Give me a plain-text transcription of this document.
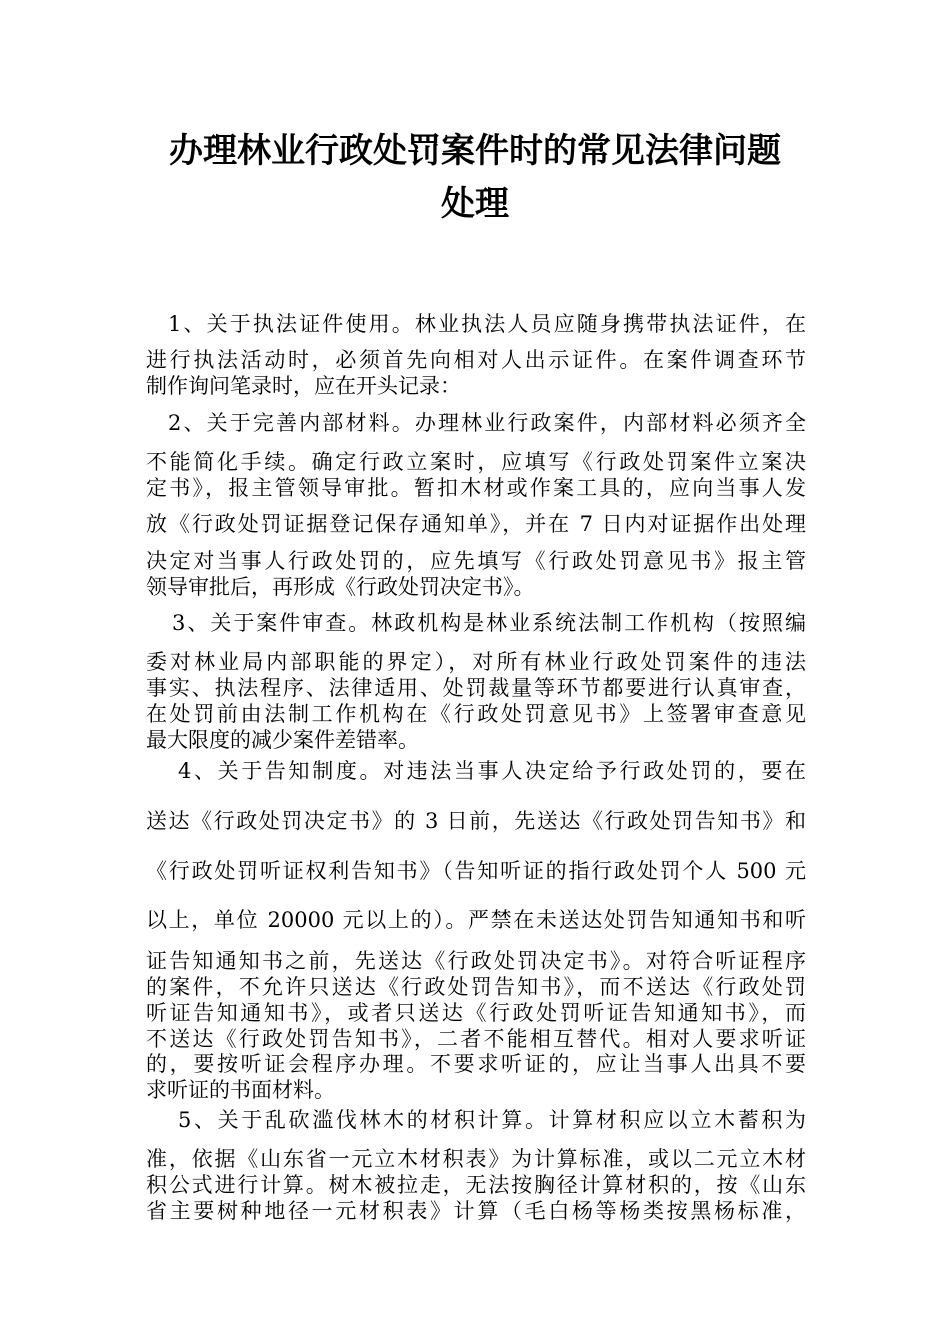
办理林业行政处罚案件时的常见法律问题
处理

1、关于执法证件使用。林业执法人员应随身携带执法证件，在

进行执法活动时，必须首先向相对人出示证件。在案件调查环节

制作询问笔录时，应在开头记录：

2、关于完善内部材料。办理林业行政案件，内部材料必须齐全

不能简化手续。确定行政立案时，应填写《行政处罚案件立案决

定书》，报主管领导审批。暂扣木材或作案工具的，应向当事人发

放《行政处罚证据登记保存通知单》，并在 7 日内对证据作出处理

决定对当事人行政处罚的，应先填写《行政处罚意见书》报主管

领导审批后，再形成《行政处罚决定书》。

3、关于案件审查。林政机构是林业系统法制工作机构（按照编

委对林业局内部职能的界定），对所有林业行政处罚案件的违法

事实、执法程序、法律适用、处罚裁量等环节都要进行认真审查，

在处罚前由法制工作机构在《行政处罚意见书》上签署审查意见

最大限度的减少案件差错率。

4、关于告知制度。对违法当事人决定给予行政处罚的，要在

送达《行政处罚决定书》的 3 日前，先送达《行政处罚告知书》和

《行政处罚听证权利告知书》（告知听证的指行政处罚个人 500 元

以上，单位 20000 元以上的）。严禁在未送达处罚告知通知书和听

证告知通知书之前，先送达《行政处罚决定书》。对符合听证程序

的案件，不允许只送达《行政处罚告知书》，而不送达《行政处罚

听证告知通知书》，或者只送达《行政处罚听证告知通知书》，而

不送达《行政处罚告知书》，二者不能相互替代。相对人要求听证

的，要按听证会程序办理。不要求听证的，应让当事人出具不要

求听证的书面材料。

5、关于乱砍滥伐林木的材积计算。计算材积应以立木蓄积为

准，依据《山东省一元立木材积表》为计算标准，或以二元立木材

积公式进行计算。树木被拉走，无法按胸径计算材积的，按《山东

省主要树种地径一元材积表》计算（毛白杨等杨类按黑杨标准，
